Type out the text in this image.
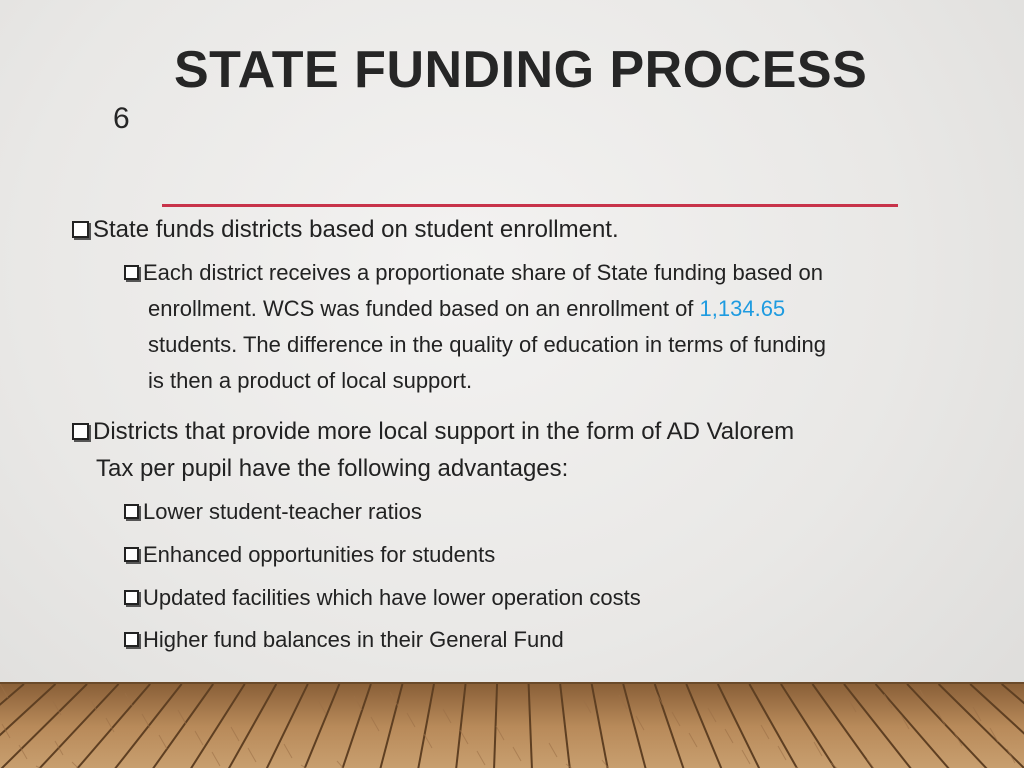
STATE FUNDING PROCESS
6
State funds districts based on student enrollment.
Each district receives a proportionate share of State funding based on
enrollment. WCS was funded based on an enrollment of 1,134.65
students. The difference in the quality of education in terms of funding
is then a product of local support.
Districts that provide more local support in the form of AD Valorem
Tax per pupil have the following advantages:
Lower student-teacher ratios
Enhanced opportunities for students
Updated facilities which have lower operation costs
Higher fund balances in their General Fund
